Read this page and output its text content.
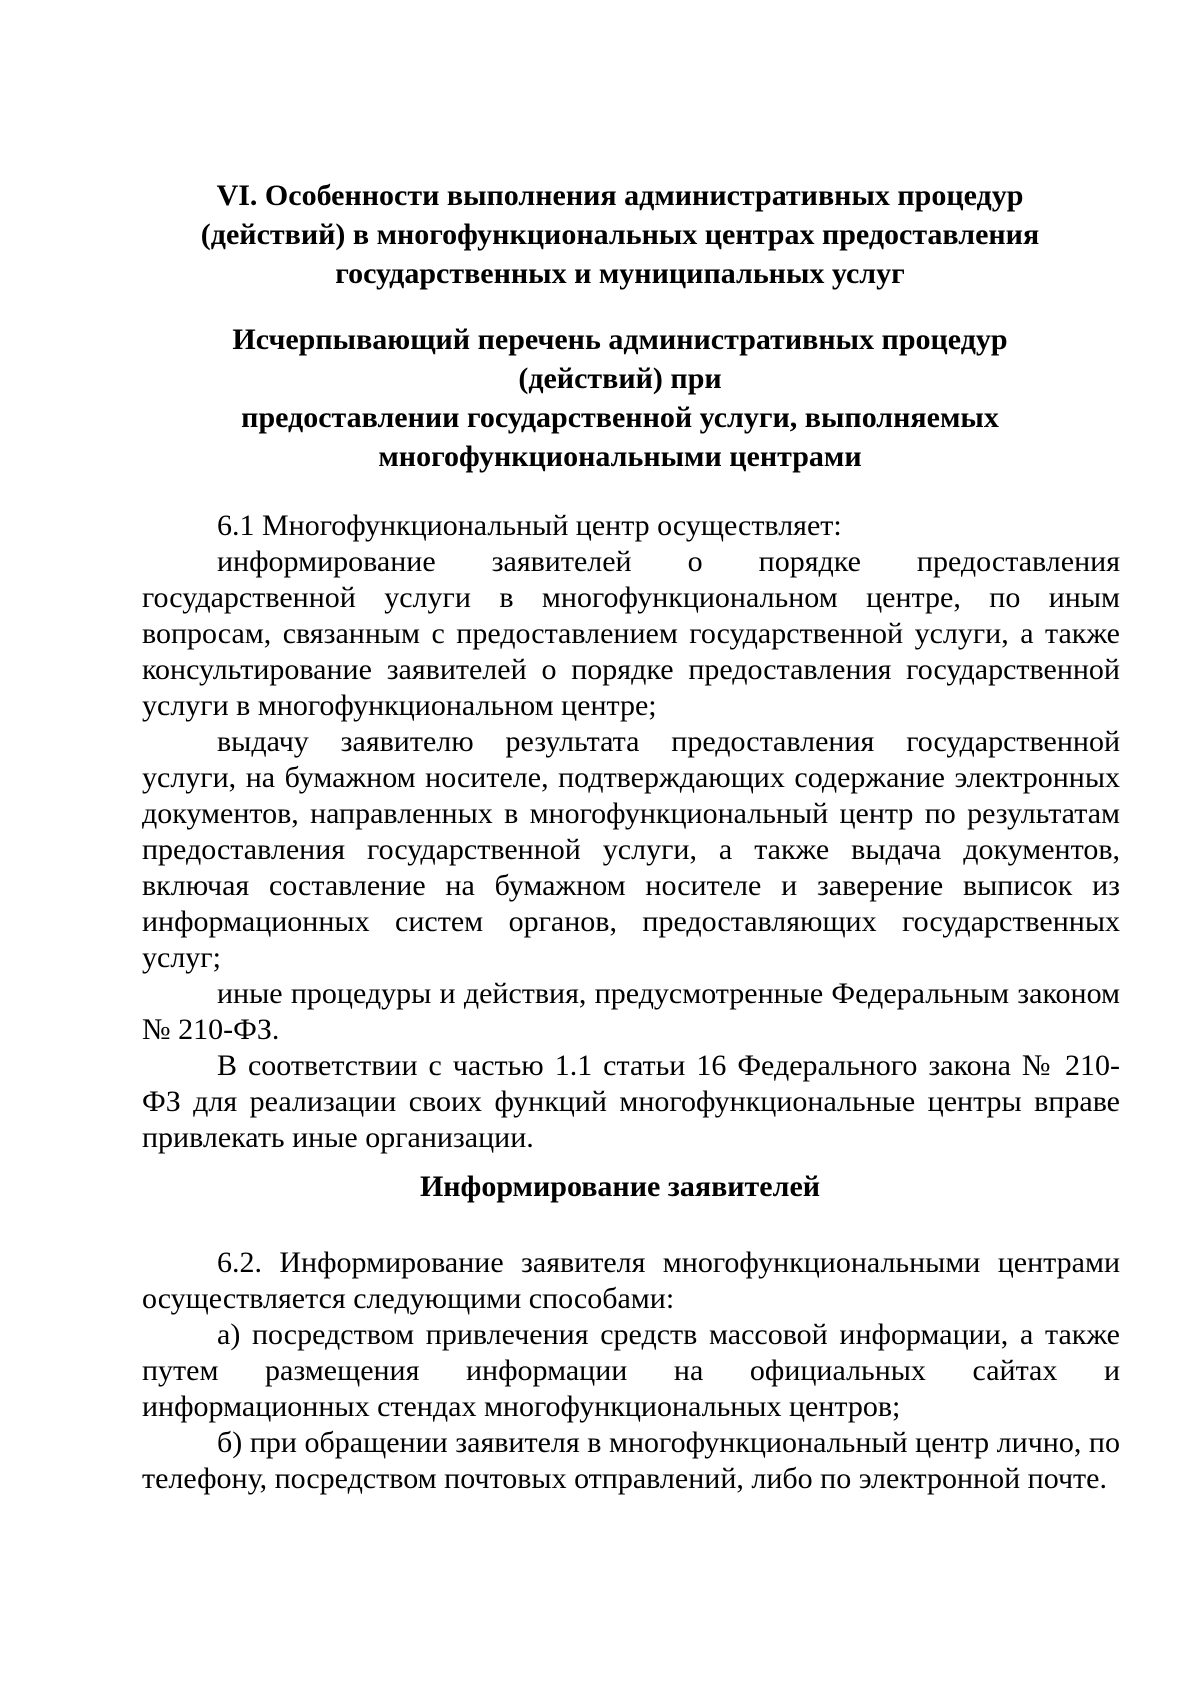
VI. Особенности выполнения административных процедур
(действий) в многофункциональных центрах предоставления
государственных и муниципальных услуг
Исчерпывающий перечень административных процедур
(действий) при
предоставлении государственной услуги, выполняемых
многофункциональными центрами

6.1 Многофункциональный центр осуществляет:

информирование заявителей о порядке предоставления государственной услуги в многофункциональном центре, по иным вопросам, связанным с предоставлением государственной услуги, а также консультирование заявителей о порядке предоставления государственной услуги в многофункциональном центре;

выдачу заявителю результата предоставления государственной услуги, на бумажном носителе, подтверждающих содержание электронных документов, направленных в многофункциональный центр по результатам предоставления государственной услуги, а также выдача документов, включая составление на бумажном носителе и заверение выписок из информационных систем органов, предоставляющих государственных услуг;

иные процедуры и действия, предусмотренные Федеральным законом № 210-ФЗ.

В соответствии с частью 1.1 статьи 16 Федерального закона № 210-ФЗ для реализации своих функций многофункциональные центры вправе привлекать иные организации.

Информирование заявителей

6.2. Информирование заявителя многофункциональными центрами осуществляется следующими способами:

а) посредством привлечения средств массовой информации, а также путем размещения информации на официальных сайтах и информационных стендах многофункциональных центров;

б) при обращении заявителя в многофункциональный центр лично, по телефону, посредством почтовых отправлений, либо по электронной почте.
